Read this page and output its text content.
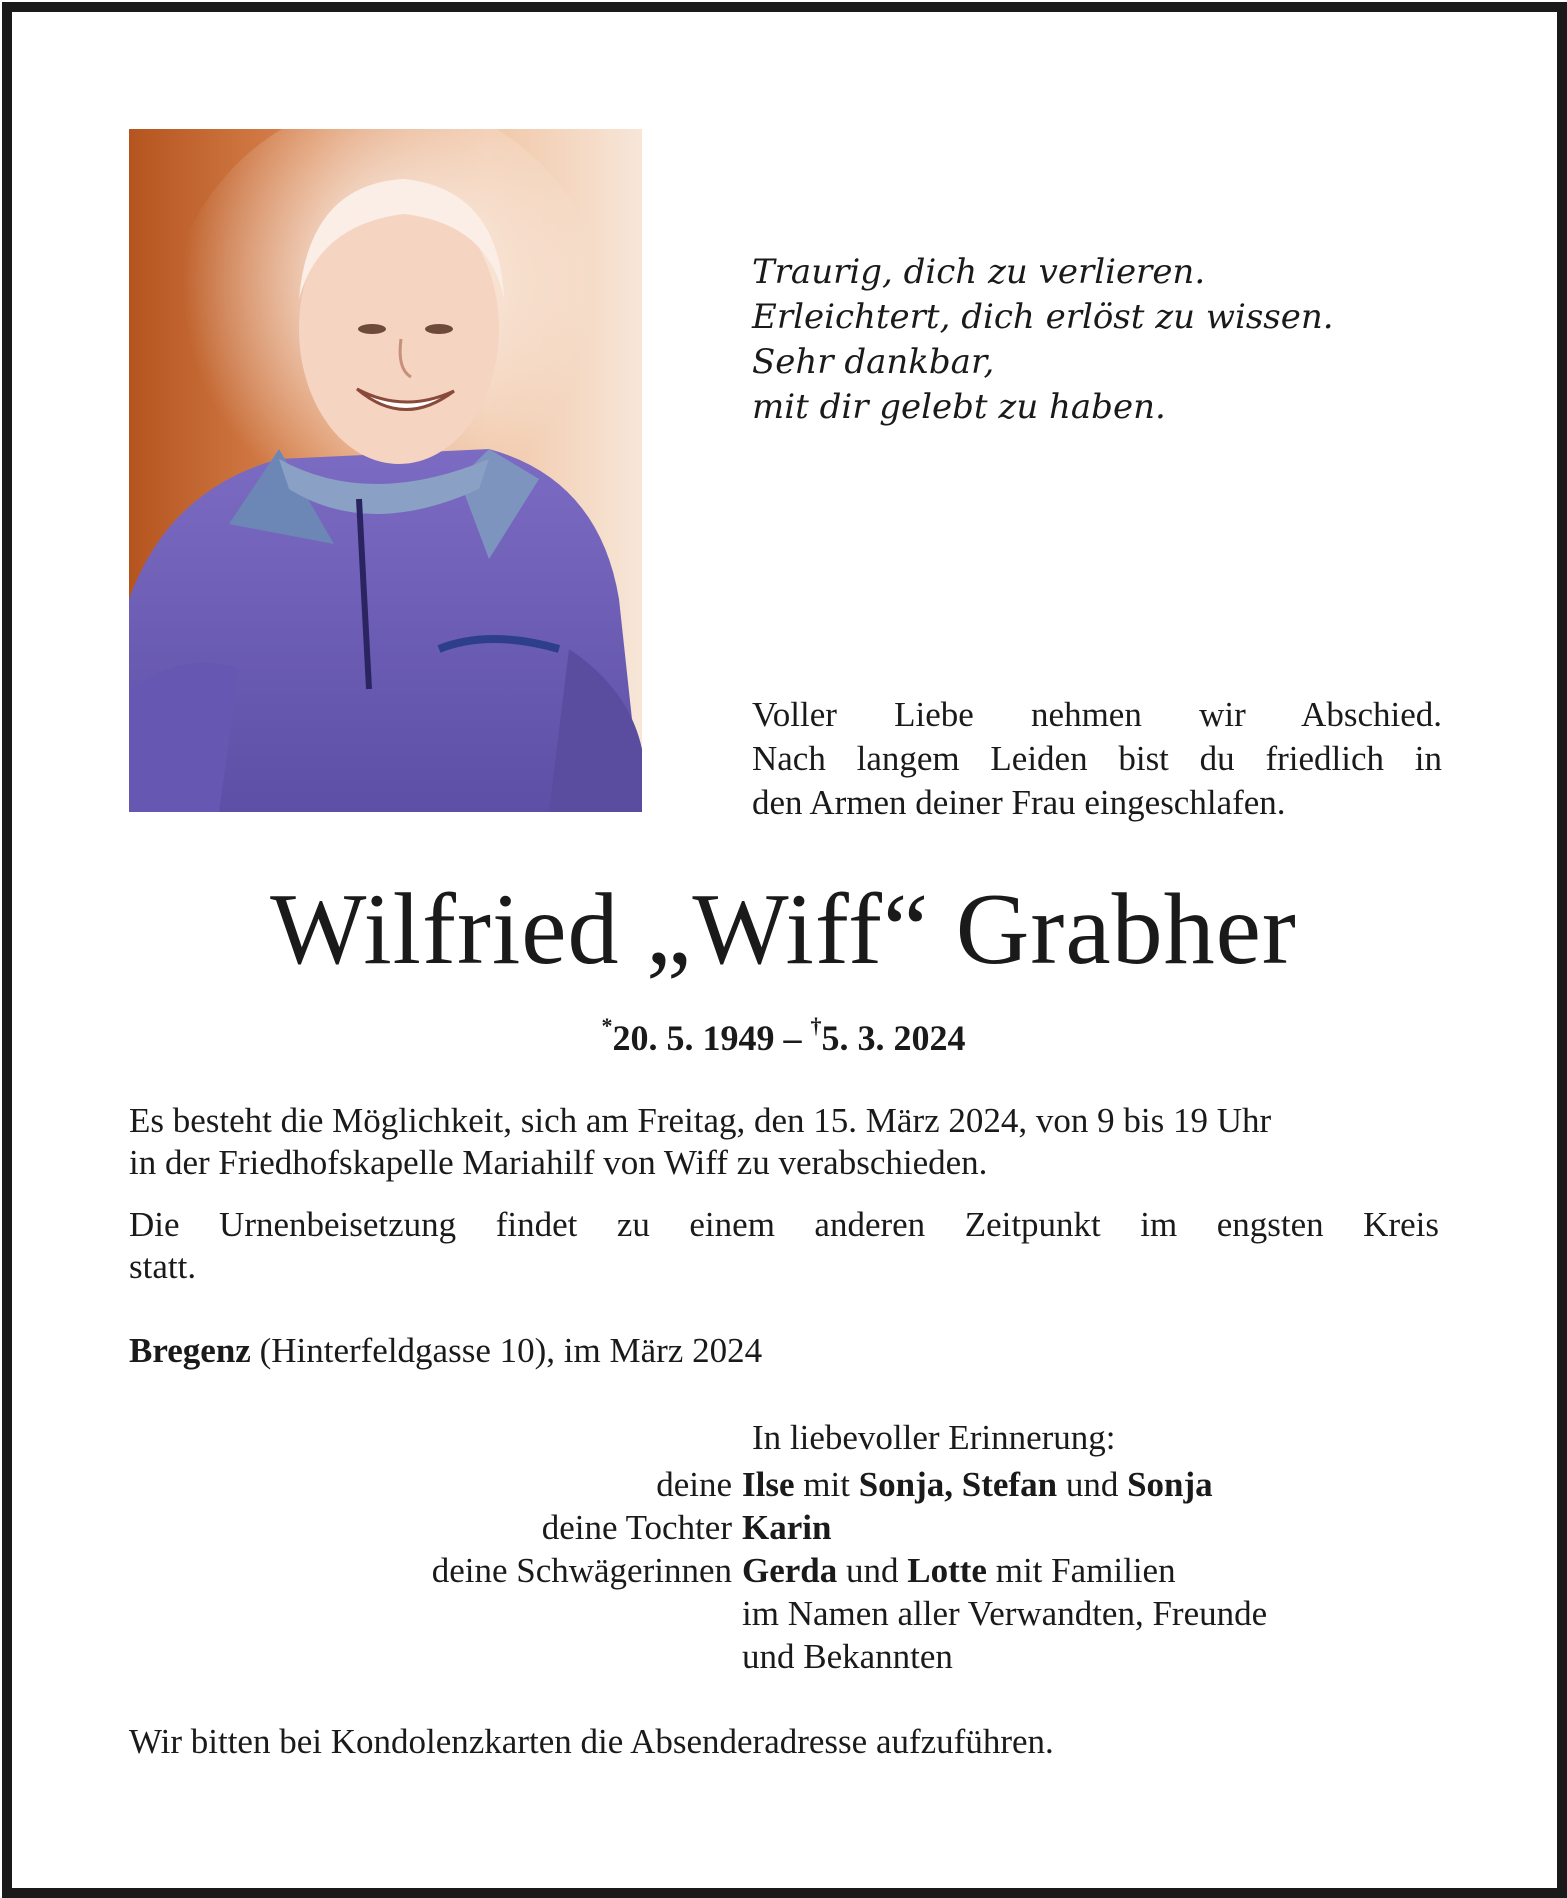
Traurig, dich zu verlieren.
Erleichtert, dich erlöst zu wissen.
Sehr dankbar,
mit dir gelebt zu haben.
Voller Liebe nehmen wir Abschied.
Nach langem Leiden bist du friedlich in
den Armen deiner Frau eingeschlafen.
Wilfried „Wiff“ Grabher
*20. 5. 1949 – †5. 3. 2024
Es besteht die Möglichkeit, sich am Freitag, den 15. März 2024, von 9 bis 19 Uhr
in der Friedhofskapelle Mariahilf von Wiff zu verabschieden.
Die Urnenbeisetzung findet zu einem anderen Zeitpunkt im engsten Kreis
statt.
Bregenz (Hinterfeldgasse 10), im März 2024
In liebevoller Erinnerung:
deine Ilse mit Sonja, Stefan und Sonja
deine Tochter Karin
deine Schwägerinnen Gerda und Lotte mit Familien
im Namen aller Verwandten, Freunde
und Bekannten
Wir bitten bei Kondolenzkarten die Absenderadresse aufzuführen.
